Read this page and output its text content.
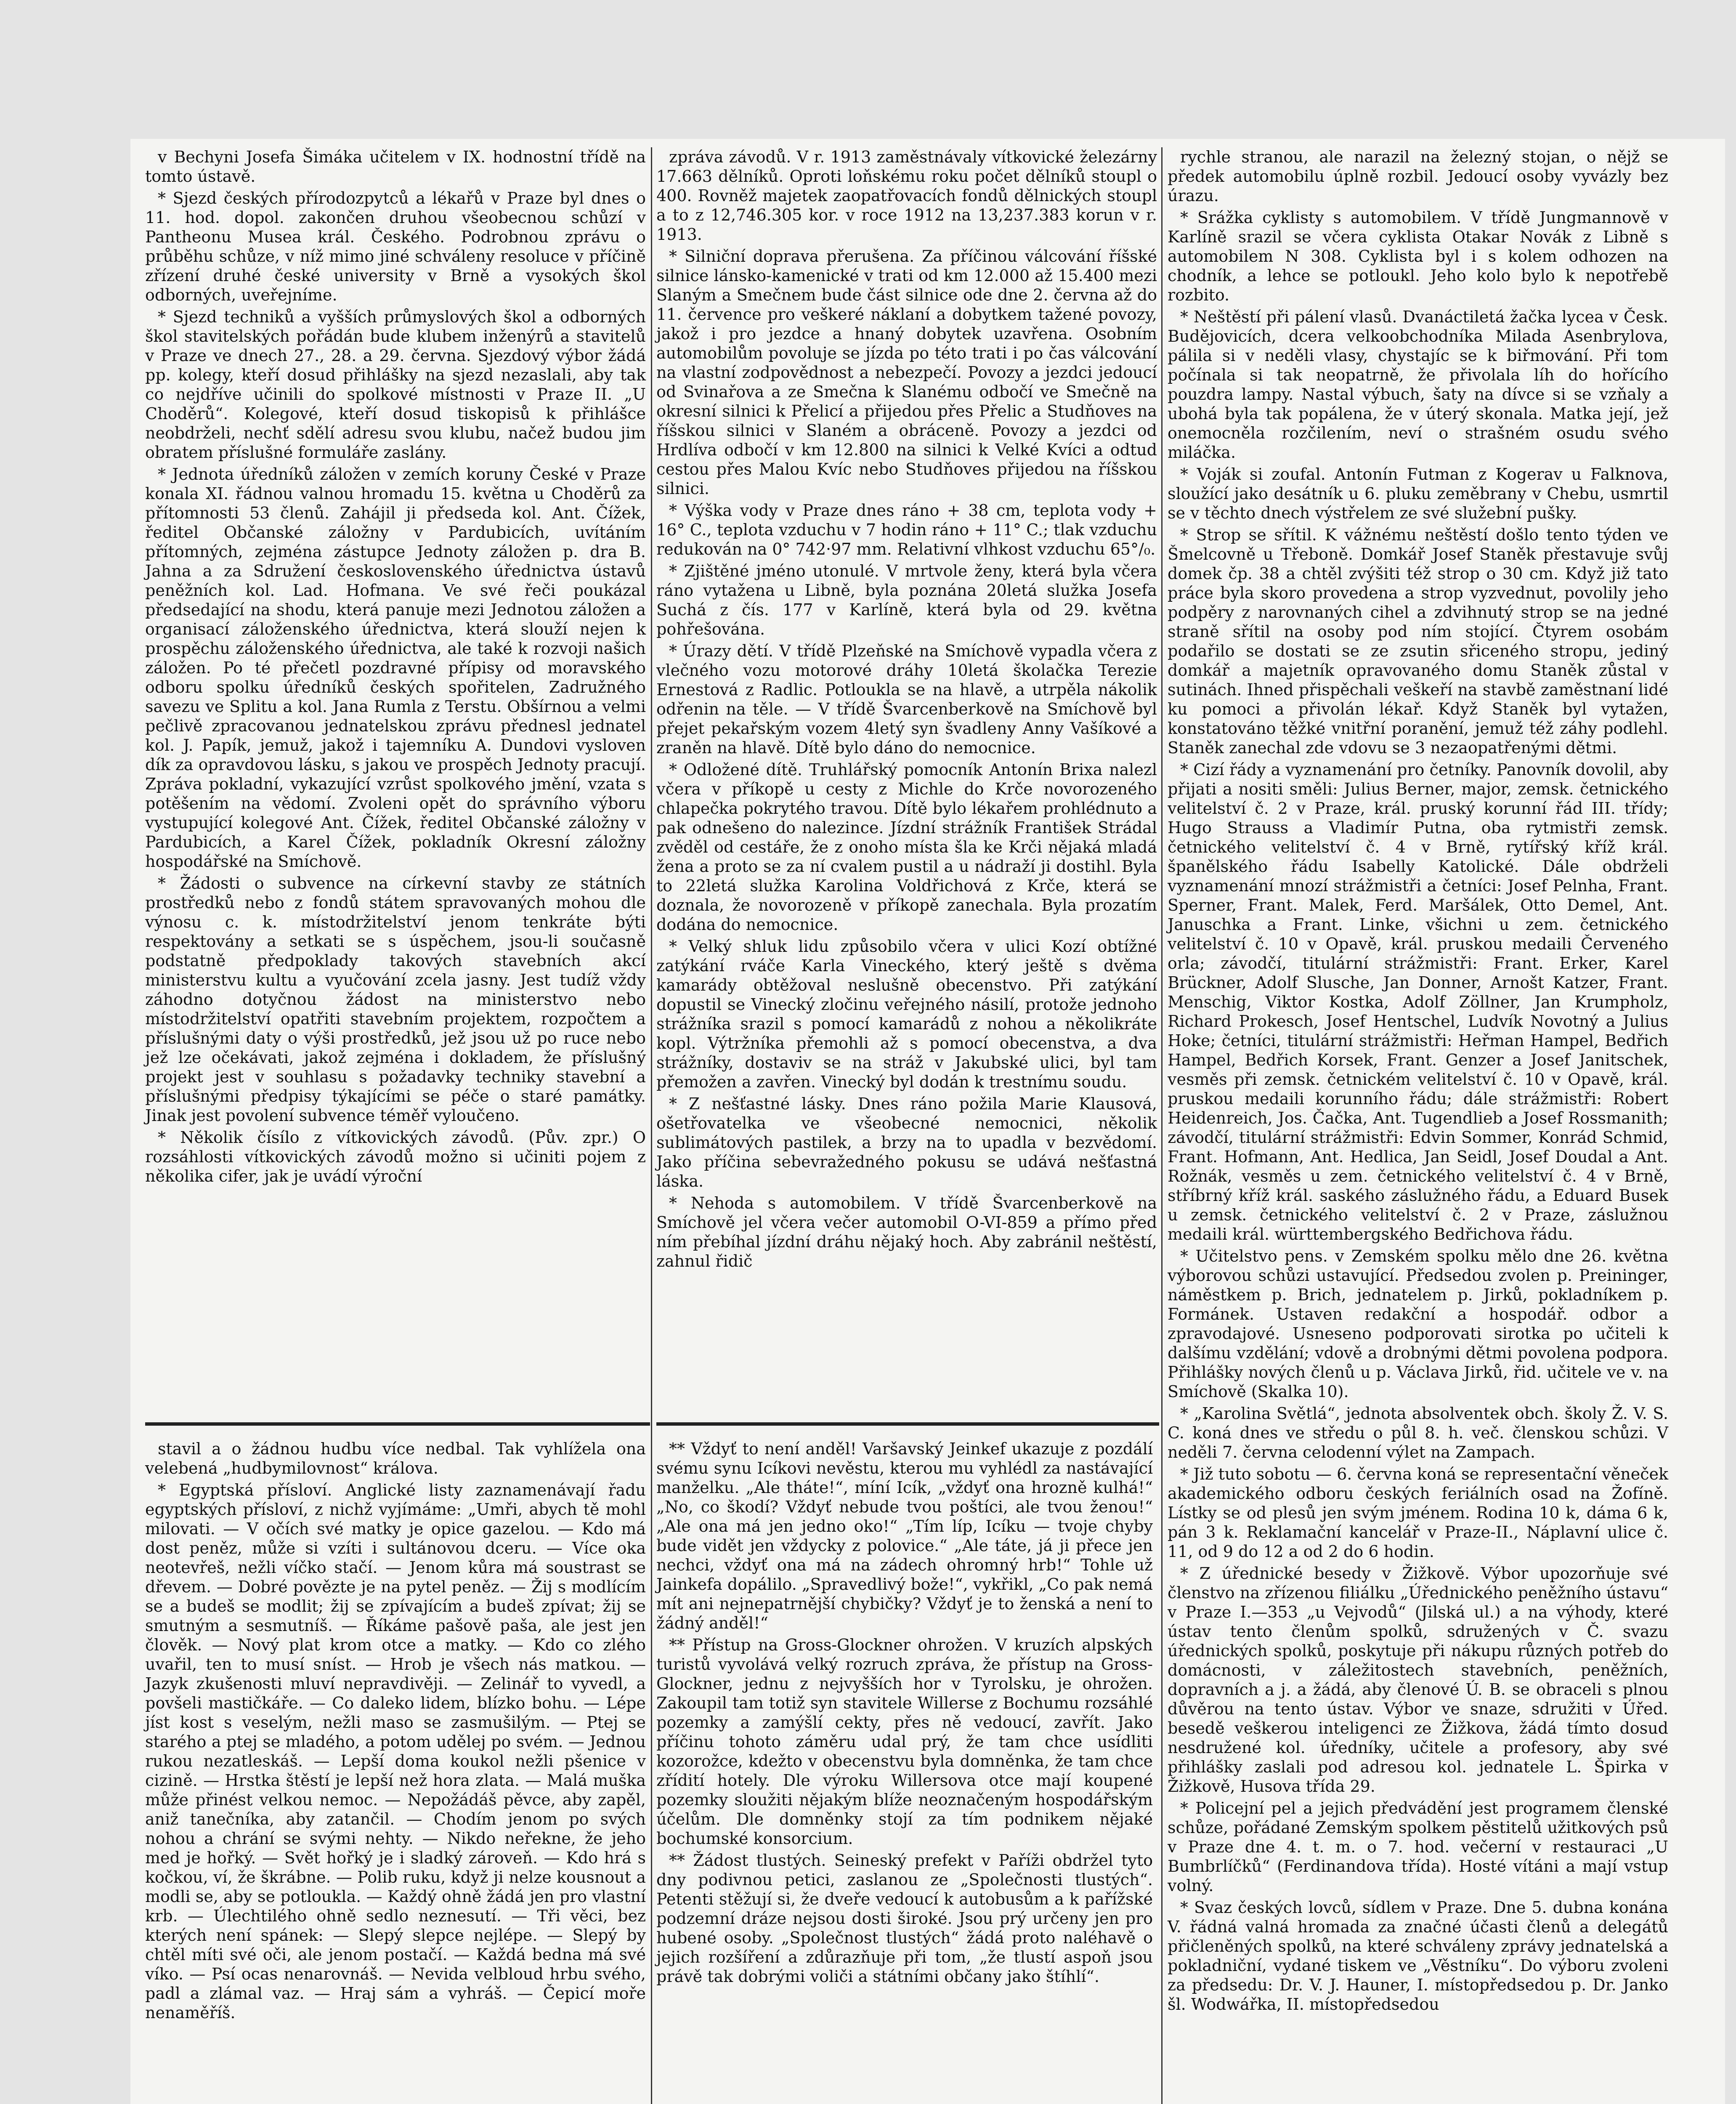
v Bechyni Josefa Šimáka učitelem v IX. hodnostní třídě na tomto ústavě.

* Sjezd českých přírodozpytců a lékařů v Praze byl dnes o 11. hod. dopol. zakončen druhou všeobecnou schůzí v Pantheonu Musea král. Českého. Podrobnou zprávu o průběhu schůze, v níž mimo jiné schváleny resoluce v příčině zřízení druhé české university v Brně a vysokých škol odborných, uveřejníme.

* Sjezd techniků a vyšších průmyslových škol a odborných škol stavitelských pořádán bude klubem inženýrů a stavitelů v Praze ve dnech 27., 28. a 29. června. Sjezdový výbor žádá pp. kolegy, kteří dosud přihlášky na sjezd nezaslali, aby tak co nejdříve učinili do spolkové místnosti v Praze II. „U Choděrů“. Kolegové, kteří dosud tiskopisů k přihlášce neobdrželi, nechť sdělí adresu svou klubu, načež budou jim obratem příslušné formuláře zaslány.

* Jednota úředníků záložen v zemích koruny České v Praze konala XI. řádnou valnou hromadu 15. května u Choděrů za přítomnosti 53 členů. Zahájil ji předseda kol. Ant. Čížek, ředitel Občanské záložny v Pardubicích, uvítáním přítomných, zejména zástupce Jednoty záložen p. dra B. Jahna a za Sdružení československého úřednictva ústavů peněžních kol. Lad. Hofmana. Ve své řeči poukázal předsedající na shodu, která panuje mezi Jednotou záložen a organisací záloženského úřednictva, která slouží nejen k prospěchu záloženského úřednictva, ale také k rozvoji našich záložen. Po té přečetl pozdravné přípisy od moravského odboru spolku úředníků českých spořitelen, Zadružného savezu ve Splitu a kol. Jana Rumla z Terstu. Obšírnou a velmi pečlivě zpracovanou jednatelskou zprávu přednesl jednatel kol. J. Papík, jemuž, jakož i tajemníku A. Dundovi vysloven dík za opravdovou lásku, s jakou ve prospěch Jednoty pracují. Zpráva pokladní, vykazující vzrůst spolkového jmění, vzata s potěšením na vědomí. Zvoleni opět do správního výboru vystupující kolegové Ant. Čížek, ředitel Občanské záložny v Pardubicích, a Karel Čížek, pokladník Okresní záložny hospodářské na Smíchově.

* Žádosti o subvence na církevní stavby ze státních prostředků nebo z fondů státem spravovaných mohou dle výnosu c. k. místodržitelství jenom tenkráte býti respektovány a setkati se s úspěchem, jsou-li současně podstatně předpoklady takových stavebních akcí ministerstvu kultu a vyučování zcela jasny. Jest tudíž vždy záhodno dotyčnou žádost na ministerstvo nebo místodržitelství opatřiti stavebním projektem, rozpočtem a příslušnými daty o výši prostředků, jež jsou už po ruce nebo jež lze očekávati, jakož zejména i dokladem, že příslušný projekt jest v souhlasu s požadavky techniky stavební a příslušnými předpisy týkajícími se péče o staré památky. Jinak jest povolení subvence téměř vyloučeno.

* Několik čísílo z vítkovických závodů. (Pův. zpr.) O rozsáhlosti vítkovických závodů možno si učiniti pojem z několika cifer, jak je uvádí výroční

zpráva závodů. V r. 1913 zaměstnávaly vítkovické železárny 17.663 dělníků. Oproti loňskému roku počet dělníků stoupl o 400. Rovněž majetek zaopatřovacích fondů dělnických stoupl a to z 12,746.305 kor. v roce 1912 na 13,237.383 korun v r. 1913.

* Silniční doprava přerušena. Za příčinou válcování říšské silnice lánsko-kamenické v trati od km 12.000 až 15.400 mezi Slaným a Smečnem bude část silnice ode dne 2. června až do 11. července pro veškeré náklaní a dobytkem tažené povozy, jakož i pro jezdce a hnaný dobytek uzavřena. Osobním automobilům povoluje se jízda po této trati i po čas válcování na vlastní zodpovědnost a nebezpečí. Povozy a jezdci jedoucí od Svinařova a ze Smečna k Slanému odbočí ve Smečně na okresní silnici k Přelicí a přijedou přes Přelic a Studňoves na říšskou silnici v Slaném a obráceně. Povozy a jezdci od Hrdlíva odbočí v km 12.800 na silnici k Velké Kvíci a odtud cestou přes Malou Kvíc nebo Studňoves přijedou na říšskou silnici.

* Výška vody v Praze dnes ráno + 38 cm, teplota vody + 16° C., teplota vzduchu v 7 hodin ráno + 11° C.; tlak vzduchu redukován na 0° 742·97 mm. Relativní vlhkost vzduchu 65°/₀.

* Zjištěné jméno utonulé. V mrtvole ženy, která byla včera ráno vytažena u Libně, byla poznána 20letá služka Josefa Suchá z čís. 177 v Karlíně, která byla od 29. května pohřešována.

* Úrazy dětí. V třídě Plzeňské na Smíchově vypadla včera z vlečného vozu motorové dráhy 10letá školačka Terezie Ernestová z Radlic. Potloukla se na hlavě, a utrpěla nákolik odřenin na těle. — V třídě Švarcenberkově na Smíchově byl přejet pekařským vozem 4letý syn švadleny Anny Vašíkové a zraněn na hlavě. Dítě bylo dáno do nemocnice.

* Odložené dítě. Truhlářský pomocník Antonín Brixa nalezl včera v příkopě u cesty z Michle do Krče novorozeného chlapečka pokrytého travou. Dítě bylo lékařem prohlédnuto a pak odnešeno do nalezince. Jízdní strážník František Strádal zvěděl od cestáře, že z onoho místa šla ke Krči nějaká mladá žena a proto se za ní cvalem pustil a u nádraží ji dostihl. Byla to 22letá služka Karolina Voldřichová z Krče, která se doznala, že novorozeně v příkopě zanechala. Byla prozatím dodána do nemocnice.

* Velký shluk lidu způsobilo včera v ulici Kozí obtížné zatýkání rváče Karla Vineckého, který ještě s dvěma kamarády obtěžoval neslušně obecenstvo. Při zatýkání dopustil se Vinecký zločinu veřejného násilí, protože jednoho strážníka srazil s pomocí kamarádů z nohou a několikráte kopl. Výtržníka přemohli až s pomocí obecenstva, a dva strážníky, dostaviv se na stráž v Jakubské ulici, byl tam přemožen a zavřen. Vinecký byl dodán k trestnímu soudu.

* Z nešťastné lásky. Dnes ráno požila Marie Klausová, ošetřovatelka ve všeobecné nemocnici, několik sublimátových pastilek, a brzy na to upadla v bezvědomí. Jako příčina sebevražedného pokusu se udává nešťastná láska.

* Nehoda s automobilem. V třídě Švarcenberkově na Smíchově jel včera večer automobil O-VI-859 a přímo před ním přebíhal jízdní dráhu nějaký hoch. Aby zabránil neštěstí, zahnul řidič

rychle stranou, ale narazil na železný stojan, o nějž se předek automobilu úplně rozbil. Jedoucí osoby vyvázly bez úrazu.

* Srážka cyklisty s automobilem. V třídě Jungmannově v Karlíně srazil se včera cyklista Otakar Novák z Libně s automobilem N 308. Cyklista byl i s kolem odhozen na chodník, a lehce se potloukl. Jeho kolo bylo k nepotřebě rozbito.

* Neštěstí při pálení vlasů. Dvanáctiletá žačka lycea v Česk. Budějovicích, dcera velkoobchodníka Milada Asenbrylova, pálila si v neděli vlasy, chystajíc se k biřmování. Při tom počínala si tak neopatrně, že přivolala líh do hořícího pouzdra lampy. Nastal výbuch, šaty na dívce si se vzňaly a ubohá byla tak popálena, že v úterý skonala. Matka její, jež onemocněla rozčilením, neví o strašném osudu svého miláčka.

* Voják si zoufal. Antonín Futman z Kogerav u Falknova, sloužící jako desátník u 6. pluku zeměbrany v Chebu, usmrtil se v těchto dnech výstřelem ze své služební pušky.

* Strop se sřítil. K vážnému neštěstí došlo tento týden ve Šmelcovně u Třeboně. Domkář Josef Staněk přestavuje svůj domek čp. 38 a chtěl zvýšiti též strop o 30 cm. Když již tato práce byla skoro provedena a strop vyzvednut, povolily jeho podpěry z narovnaných cihel a zdvihnutý strop se na jedné straně sřítil na osoby pod ním stojící. Čtyrem osobám podařilo se dostati se ze zsutin sřiceného stropu, jediný domkář a majetník opravovaného domu Staněk zůstal v sutinách. Ihned přispěchali veškeří na stavbě zaměstnaní lidé ku pomoci a přivolán lékař. Když Staněk byl vytažen, konstatováno těžké vnitřní poranění, jemuž též záhy podlehl. Staněk zanechal zde vdovu se 3 nezaopatřenými dětmi.

* Cizí řády a vyznamenání pro četníky. Panovník dovolil, aby přijati a nositi směli: Julius Berner, major, zemsk. četnického velitelství č. 2 v Praze, král. pruský korunní řád III. třídy; Hugo Strauss a Vladimír Putna, oba rytmistři zemsk. četnického velitelství č. 4 v Brně, rytířský kříž král. španělského řádu Isabelly Katolické. Dále obdrželi vyznamenání mnozí strážmistři a četníci: Josef Pelnha, Frant. Sperner, Frant. Malek, Ferd. Maršálek, Otto Demel, Ant. Januschka a Frant. Linke, všichni u zem. četnického velitelství č. 10 v Opavě, král. pruskou medaili Červeného orla; závodčí, titulární strážmistři: Frant. Erker, Karel Brückner, Adolf Slusche, Jan Donner, Arnošt Katzer, Frant. Menschig, Viktor Kostka, Adolf Zöllner, Jan Krumpholz, Richard Prokesch, Josef Hentschel, Ludvík Novotný a Julius Hoke; četníci, titulární strážmistři: Heřman Hampel, Bedřich Hampel, Bedřich Korsek, Frant. Genzer a Josef Janitschek, vesměs při zemsk. četnickém velitelství č. 10 v Opavě, král. pruskou medaili korunního řádu; dále strážmistři: Robert Heidenreich, Jos. Čačka, Ant. Tugendlieb a Josef Rossmanith; závodčí, titulární strážmistři: Edvin Sommer, Konrád Schmid, Frant. Hofmann, Ant. Hedlica, Jan Seidl, Josef Doudal a Ant. Rožnák, vesměs u zem. četnického velitelství č. 4 v Brně, stříbrný kříž král. saského záslužného řádu, a Eduard Busek u zemsk. četnického velitelství č. 2 v Praze, záslužnou medaili král. württembergského Bedřichova řádu.

* Učitelstvo pens. v Zemském spolku mělo dne 26. května výborovou schůzi ustavující. Předsedou zvolen p. Preininger, náměstkem p. Brich, jednatelem p. Jirků, pokladníkem p. Formánek. Ustaven redakční a hospodář. odbor a zpravodajové. Usneseno podporovati sirotka po učiteli k dalšímu vzdělání; vdově a drobnými dětmi povolena podpora. Přihlášky nových členů u p. Václava Jirků, řid. učitele ve v. na Smíchově (Skalka 10).

* „Karolina Světlá“, jednota absolventek obch. školy Ž. V. S. C. koná dnes ve středu o půl 8. h. več. členskou schůzi. V neděli 7. června celodenní výlet na Zampach.

* Již tuto sobotu — 6. června koná se representační věneček akademického odboru českých feriálních osad na Žofíně. Lístky se od plesů jen svým jménem. Rodina 10 k, dáma 6 k, pán 3 k. Reklamační kancelář v Praze-II., Náplavní ulice č. 11, od 9 do 12 a od 2 do 6 hodin.

* Z úřednické besedy v Žižkově. Výbor upozorňuje své členstvo na zřízenou filiálku „Úřednického peněžního ústavu“ v Praze I.—353 „u Vejvodů“ (Jilská ul.) a na výhody, které ústav tento členům spolků, sdružených v Č. svazu úřednických spolků, poskytuje při nákupu různých potřeb do domácnosti, v záležitostech stavebních, peněžních, dopravních a j. a žádá, aby členové Ú. B. se obraceli s plnou důvěrou na tento ústav. Výbor ve snaze, sdružiti v Úřed. besedě veškerou inteligenci ze Žižkova, žádá tímto dosud nesdružené kol. úředníky, učitele a profesory, aby své přihlášky zaslali pod adresou kol. jednatele L. Špirka v Žižkově, Husova třída 29.

* Policejní pel a jejich předvádění jest programem členské schůze, pořádané Zemským spolkem pěstitelů užitkových psů v Praze dne 4. t. m. o 7. hod. večerní v restauraci „U Bumbrlíčků“ (Ferdinandova třída). Hosté vítáni a mají vstup volný.

* Svaz českých lovců, sídlem v Praze. Dne 5. dubna konána V. řádná valná hromada za značné účasti členů a delegátů přičleněných spolků, na které schváleny zprávy jednatelská a pokladniční, vydané tiskem ve „Věstníku“. Do výboru zvoleni za předsedu: Dr. V. J. Hauner, I. místopředsedou p. Dr. Janko šl. Wodwářka, II. místopředsedou

stavil a o žádnou hudbu více nedbal. Tak vyhlížela ona velebená „hudbymilovnost“ králova.

* Egyptská přísloví. Anglické listy zaznamenávají řadu egyptských přísloví, z nichž vyjímáme: „Umři, abych tě mohl milovati. — V očích své matky je opice gazelou. — Kdo má dost peněz, může si vzíti i sultánovou dceru. — Více oka neotevřeš, nežli víčko stačí. — Jenom kůra má soustrast se dřevem. — Dobré povězte je na pytel peněz. — Žij s modlícím se a budeš se modlit; žij se zpívajícím a budeš zpívat; žij se smutným a sesmutníš. — Říkáme pašově paša, ale jest jen člověk. — Nový plat krom otce a matky. — Kdo co zlého uvařil, ten to musí sníst. — Hrob je všech nás matkou. — Jazyk zkušenosti mluví nepravdivěji. — Zelinář to vyvedl, a povšeli mastičkáře. — Co daleko lidem, blízko bohu. — Lépe jíst kost s veselým, nežli maso se zasmušilým. — Ptej se starého a ptej se mladého, a potom udělej po svém. — Jednou rukou nezatleskáš. — Lepší doma koukol nežli pšenice v cizině. — Hrstka štěstí je lepší než hora zlata. — Malá muška může přinést velkou nemoc. — Nepožádáš pěvce, aby zapěl, aniž tanečníka, aby zatančil. — Chodím jenom po svých nohou a chrání se svými nehty. — Nikdo neřekne, že jeho med je hořký. — Svět hořký je i sladký zároveň. — Kdo hrá s kočkou, ví, že škrábne. — Polib ruku, když ji nelze kousnout a modli se, aby se potloukla. — Každý ohně žádá jen pro vlastní krb. — Úlechtilého ohně sedlo neznesutí. — Tři věci, bez kterých není spánek: — Slepý slepce nejlépe. — Slepý by chtěl míti své oči, ale jenom postačí. — Každá bedna má své víko. — Psí ocas nenarovnáš. — Nevida velbloud hrbu svého, padl a zlámal vaz. — Hraj sám a vyhráš. — Čepicí moře nenaměříš.

** Vždyť to není anděl! Varšavský Jeinkef ukazuje z pozdálí svému synu Icíkovi nevěstu, kterou mu vyhlédl za nastávající manželku. „Ale tháte!“, míní Icík, „vždyť ona hrozně kulhá!“ „No, co škodí? Vždyť nebude tvou poštíci, ale tvou ženou!“ „Ale ona má jen jedno oko!“ „Tím líp, Icíku — tvoje chyby bude vidět jen vždycky z polovice.“ „Ale táte, já ji přece jen nechci, vždyť ona má na zádech ohromný hrb!“ Tohle už Jainkefa dopálilo. „Spravedlivý bože!“, vykřikl, „Co pak nemá mít ani nejnepatrnější chybičky? Vždyť je to ženská a není to žádný anděl!“

** Přístup na Gross-Glockner ohrožen. V kruzích alpských turistů vyvolává velký rozruch zpráva, že přístup na Gross-Glockner, jednu z nejvyšších hor v Tyrolsku, je ohrožen. Zakoupil tam totiž syn stavitele Willerse z Bochumu rozsáhlé pozemky a zamýšlí cekty, přes ně vedoucí, zavřít. Jako příčinu tohoto záměru udal prý, že tam chce usídliti kozorožce, kdežto v obecenstvu byla domněnka, že tam chce zřídití hotely. Dle výroku Willersova otce mají koupené pozemky sloužiti nějakým blíže neoznačeným hospodářským účelům. Dle domněnky stojí za tím podnikem nějaké bochumské konsorcium.

** Žádost tlustých. Seineský prefekt v Paříži obdržel tyto dny podivnou petici, zaslanou ze „Společnosti tlustých“. Petenti stěžují si, že dveře vedoucí k autobusům a k pařížské podzemní dráze nejsou dosti široké. Jsou prý určeny jen pro hubené osoby. „Společnost tlustých“ žádá proto naléhavě o jejich rozšíření a zdůrazňuje při tom, „že tlustí aspoň jsou právě tak dobrými voliči a státními občany jako štíhlí“.
